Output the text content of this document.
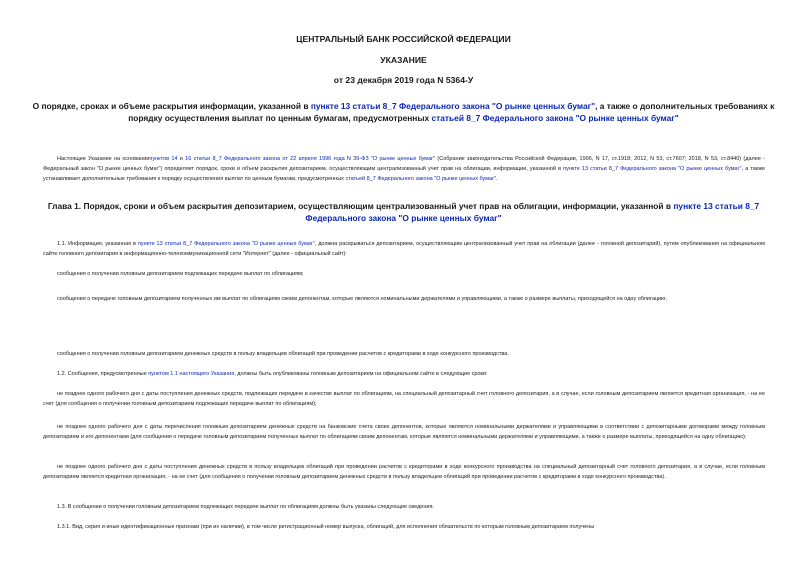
ЦЕНТРАЛЬНЫЙ БАНК РОССИЙСКОЙ ФЕДЕРАЦИИ
УКАЗАНИЕ
от 23 декабря 2019 года N 5364-У
О порядке, сроках и объеме раскрытия информации, указанной в пункте 13 статьи 8_7 Федерального закона "О рынке ценных бумаг", а также о дополнительных требованиях к порядку осуществления выплат по ценным бумагам, предусмотренных статьей 8_7 Федерального закона "О рынке ценных бумаг"
Настоящее Указание на основаниипунктов 14 и 16 статьи 8_7 Федерального закона от 22 апреля 1996 года N 39-ФЗ "О рынке ценных бумаг" (Собрание законодательства Российской Федерации, 1996, N 17, ст.1918; 2012, N 53, ст.7607; 2018, N 53, ст.8440) (далее - Федеральный закон "О рынке ценных бумаг") определяет порядок, сроки и объем раскрытия депозитарием, осуществляющим централизованный учет прав на облигации, информации, указанной в пункте 13 статьи 8_7 Федерального закона "О рынке ценных бумаг", а также устанавливает дополнительные требования к порядку осуществления выплат по ценным бумагам, предусмотренных статьей 8_7 Федерального закона "О рынке ценных бумаг".
Глава 1. Порядок, сроки и объем раскрытия депозитарием, осуществляющим централизованный учет прав на облигации, информации, указанной в пункте 13 статьи 8_7 Федерального закона "О рынке ценных бумаг"
1.1. Информация, указанная в пункте 13 статьи 8_7 Федерального закона "О рынке ценных бумаг", должна раскрываться депозитарием, осуществляющим централизованный учет прав на облигации (далее - головной депозитарий), путем опубликования на официальном сайте головного депозитария в информационно-телекоммуникационной сети "Интернет" (далее - официальный сайт):
сообщения о получении головным депозитарием подлежащих передаче выплат по облигациям;
сообщения о передаче головным депозитарием полученных им выплат по облигациям своим депонентам, которые являются номинальными держателями и управляющими, а также о размере выплаты, приходящейся на одну облигацию;
сообщения о получении головным депозитарием денежных средств в пользу владельцев облигаций при проведении расчетов с кредиторами в ходе конкурсного производства.
1.2. Сообщения, предусмотренные пунктом 1.1 настоящего Указания, должны быть опубликованы головным депозитарием на официальном сайте в следующие сроки:
не позднее одного рабочего дня с даты поступления денежных средств, подлежащих передаче в качестве выплат по облигациям, на специальный депозитарный счет головного депозитария, а в случае, если головным депозитарием является кредитная организация, - на ее счет (для сообщения о получении головным депозитарием подлежащих передаче выплат по облигациям);
не позднее одного рабочего дня с даты перечисления головным депозитарием денежных средств на банковские счета своих депонентов, которые являются номинальными держателями и управляющими в соответствии с депозитарными договорами между головным депозитарием и его депонентами (для сообщения о передаче головным депозитарием полученных выплат по облигациям своим депонентам, которые являются номинальными держателями и управляющими, а также о размере выплаты, приходящейся на одну облигацию);
не позднее одного рабочего дня с даты поступления денежных средств в пользу владельцев облигаций при проведении расчетов с кредиторами в ходе конкурсного производства на специальный депозитарный счет головного депозитария, а в случае, если головным депозитарием является кредитная организация, - на ее счет (для сообщения о получении головным депозитарием денежных средств в пользу владельцев облигаций при проведении расчетов с кредиторами в ходе конкурсного производства).
1.3. В сообщении о получении головным депозитарием подлежащих передаче выплат по облигациям должны быть указаны следующие сведения.
1.3.1. Вид, серия и иные идентификационные признаки (при их наличии), в том числе регистрационный номер выпуска, облигаций, для исполнения обязательств по которым головным депозитарием получены
